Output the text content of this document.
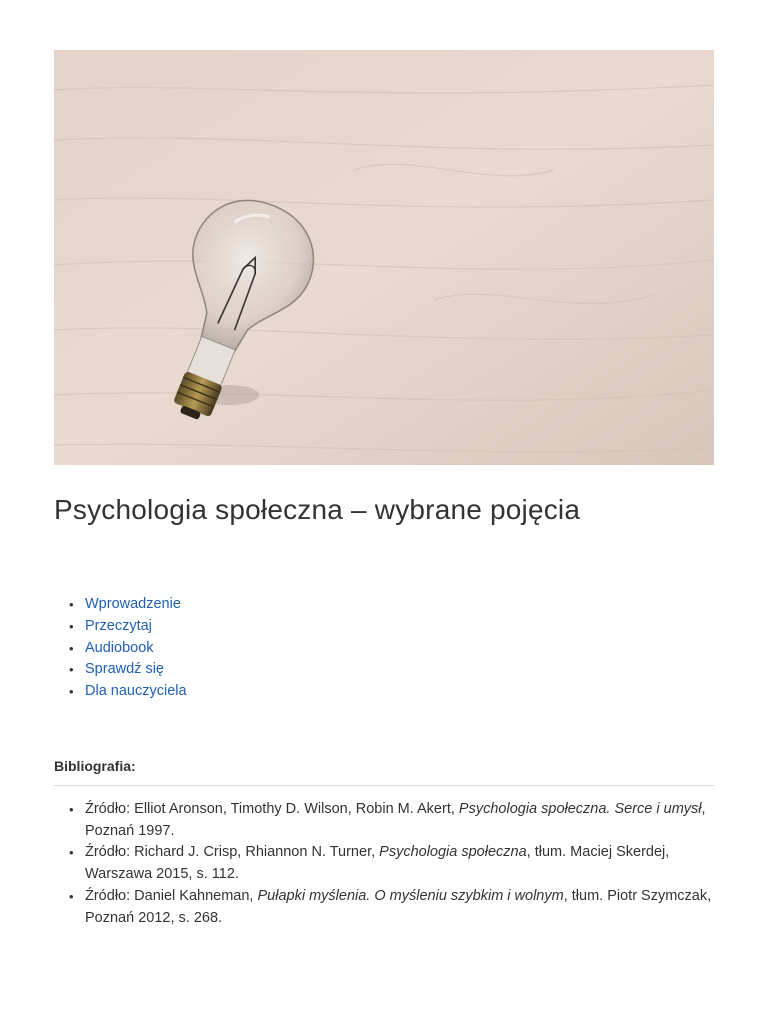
Psychologia społeczna – wybrane pojęcia
• Wprowadzenie
• Przeczytaj
• Audiobook
• Sprawdź się
• Dla nauczyciela
Bibliografia:
• Źródło: Elliot Aronson, Timothy D. Wilson, Robin M. Akert, Psychologia społeczna. Serce i umysł, Poznań 1997.
• Źródło: Richard J. Crisp, Rhiannon N. Turner, Psychologia społeczna, tłum. Maciej Skerdej, Warszawa 2015, s. 112.
• Źródło: Daniel Kahneman, Pułapki myślenia. O myśleniu szybkim i wolnym, tłum. Piotr Szymczak, Poznań 2012, s. 268.
